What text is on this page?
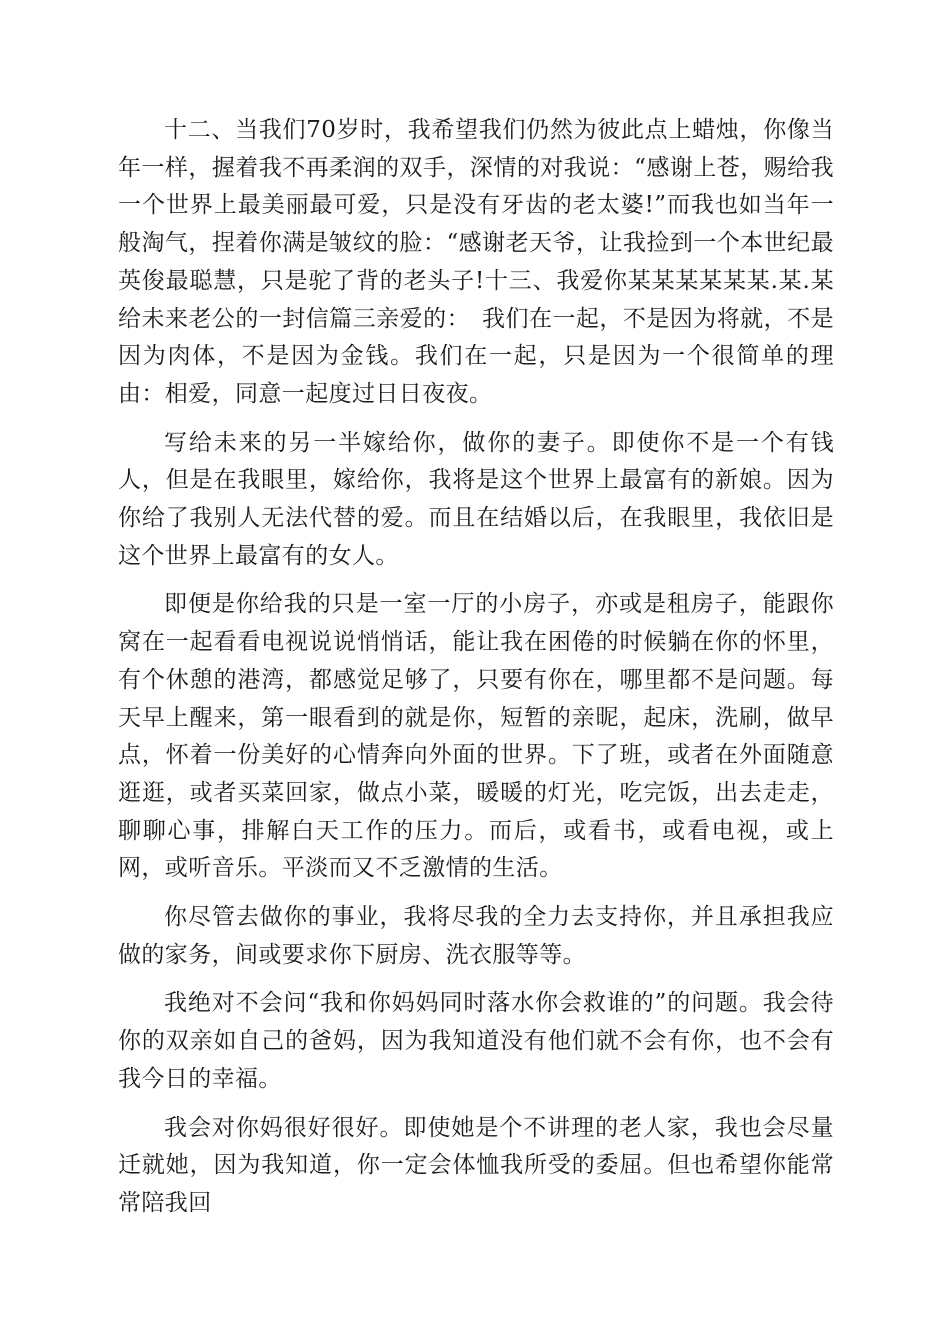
十二、当我们70岁时，我希望我们仍然为彼此点上蜡烛，你像当年一样，握着我不再柔润的双手，深情的对我说：“感谢上苍，赐给我一个世界上最美丽最可爱，只是没有牙齿的老太婆!”而我也如当年一般淘气，捏着你满是皱纹的脸：“感谢老天爷，让我捡到一个本世纪最英俊最聪慧，只是驼了背的老头子!十三、我爱你某某某某某某.某.某给未来老公的一封信篇三亲爱的：　我们在一起，不是因为将就，不是因为肉体，不是因为金钱。我们在一起，只是因为一个很简单的理由：相爱，同意一起度过日日夜夜。

写给未来的另一半嫁给你，做你的妻子。即使你不是一个有钱人，但是在我眼里，嫁给你，我将是这个世界上最富有的新娘。因为你给了我别人无法代替的爱。而且在结婚以后，在我眼里，我依旧是这个世界上最富有的女人。

即便是你给我的只是一室一厅的小房子，亦或是租房子，能跟你窝在一起看看电视说说悄悄话，能让我在困倦的时候躺在你的怀里，有个休憩的港湾，都感觉足够了，只要有你在，哪里都不是问题。每天早上醒来，第一眼看到的就是你，短暂的亲昵，起床，洗刷，做早点，怀着一份美好的心情奔向外面的世界。下了班，或者在外面随意逛逛，或者买菜回家，做点小菜，暖暖的灯光，吃完饭，出去走走，聊聊心事，排解白天工作的压力。而后，或看书，或看电视，或上网，或听音乐。平淡而又不乏激情的生活。

你尽管去做你的事业，我将尽我的全力去支持你，并且承担我应做的家务，间或要求你下厨房、洗衣服等等。

我绝对不会问“我和你妈妈同时落水你会救谁的”的问题。我会待你的双亲如自己的爸妈，因为我知道没有他们就不会有你，也不会有我今日的幸福。

我会对你妈很好很好。即使她是个不讲理的老人家，我也会尽量迁就她，因为我知道，你一定会体恤我所受的委屈。但也希望你能常常陪我回
